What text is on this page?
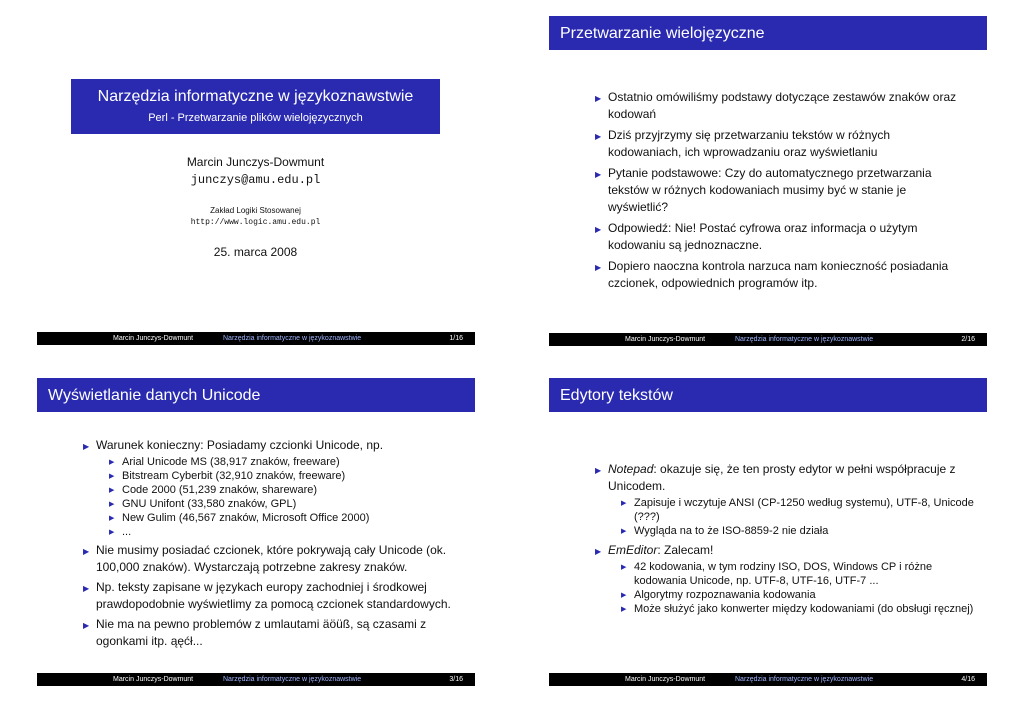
Narzędzia informatyczne w językoznawstwie
Perl - Przetwarzanie plików wielojęzycznych
Marcin Junczys-Dowmunt
junczys@amu.edu.pl
Zakład Logiki Stosowanej
http://www.logic.amu.edu.pl
25. marca 2008
Marcin Junczys-Dowmunt	Narzędzia informatyczne w językoznawstwie	1/16
Przetwarzanie wielojęzyczne
▶ Ostatnio omówiliśmy podstawy dotyczące zestawów znaków oraz kodowań
▶ Dziś przyjrzymy się przetwarzaniu tekstów w różnych kodowaniach, ich wprowadzaniu oraz wyświetlaniu
▶ Pytanie podstawowe: Czy do automatycznego przetwarzania tekstów w różnych kodowaniach musimy być w stanie je wyświetlić?
▶ Odpowiedź: Nie! Postać cyfrowa oraz informacja o użytym kodowaniu są jednoznaczne.
▶ Dopiero naoczna kontrola narzuca nam konieczność posiadania czcionek, odpowiednich programów itp.
Marcin Junczys-Dowmunt	Narzędzia informatyczne w językoznawstwie	2/16
Wyświetlanie danych Unicode
▶ Warunek konieczny: Posiadamy czcionki Unicode, np.
▶ Arial Unicode MS (38,917 znaków, freeware)
▶ Bitstream Cyberbit (32,910 znaków, freeware)
▶ Code 2000 (51,239 znaków, shareware)
▶ GNU Unifont (33,580 znaków, GPL)
▶ New Gulim (46,567 znaków, Microsoft Office 2000)
▶ ...
▶ Nie musimy posiadać czcionek, które pokrywają cały Unicode (ok. 100,000 znaków). Wystarczają potrzebne zakresy znaków.
▶ Np. teksty zapisane w językach europy zachodniej i środkowej prawdopodobnie wyświetlimy za pomocą czcionek standardowych.
▶ Nie ma na pewno problemów z umlautami äöüß, są czasami z ogonkami itp. ąęćł...
Marcin Junczys-Dowmunt	Narzędzia informatyczne w językoznawstwie	3/16
Edytory tekstów
▶ Notepad: okazuje się, że ten prosty edytor w pełni współpracuje z Unicodem.
▶ Zapisuje i wczytuje ANSI (CP-1250 według systemu), UTF-8, Unicode (???)
▶ Wygląda na to że ISO-8859-2 nie działa
▶ EmEditor: Zalecam!
▶ 42 kodowania, w tym rodziny ISO, DOS, Windows CP i różne kodowania Unicode, np. UTF-8, UTF-16, UTF-7 ...
▶ Algorytmy rozpoznawania kodowania
▶ Może służyć jako konwerter między kodowaniami (do obsługi ręcznej)
Marcin Junczys-Dowmunt	Narzędzia informatyczne w językoznawstwie	4/16
